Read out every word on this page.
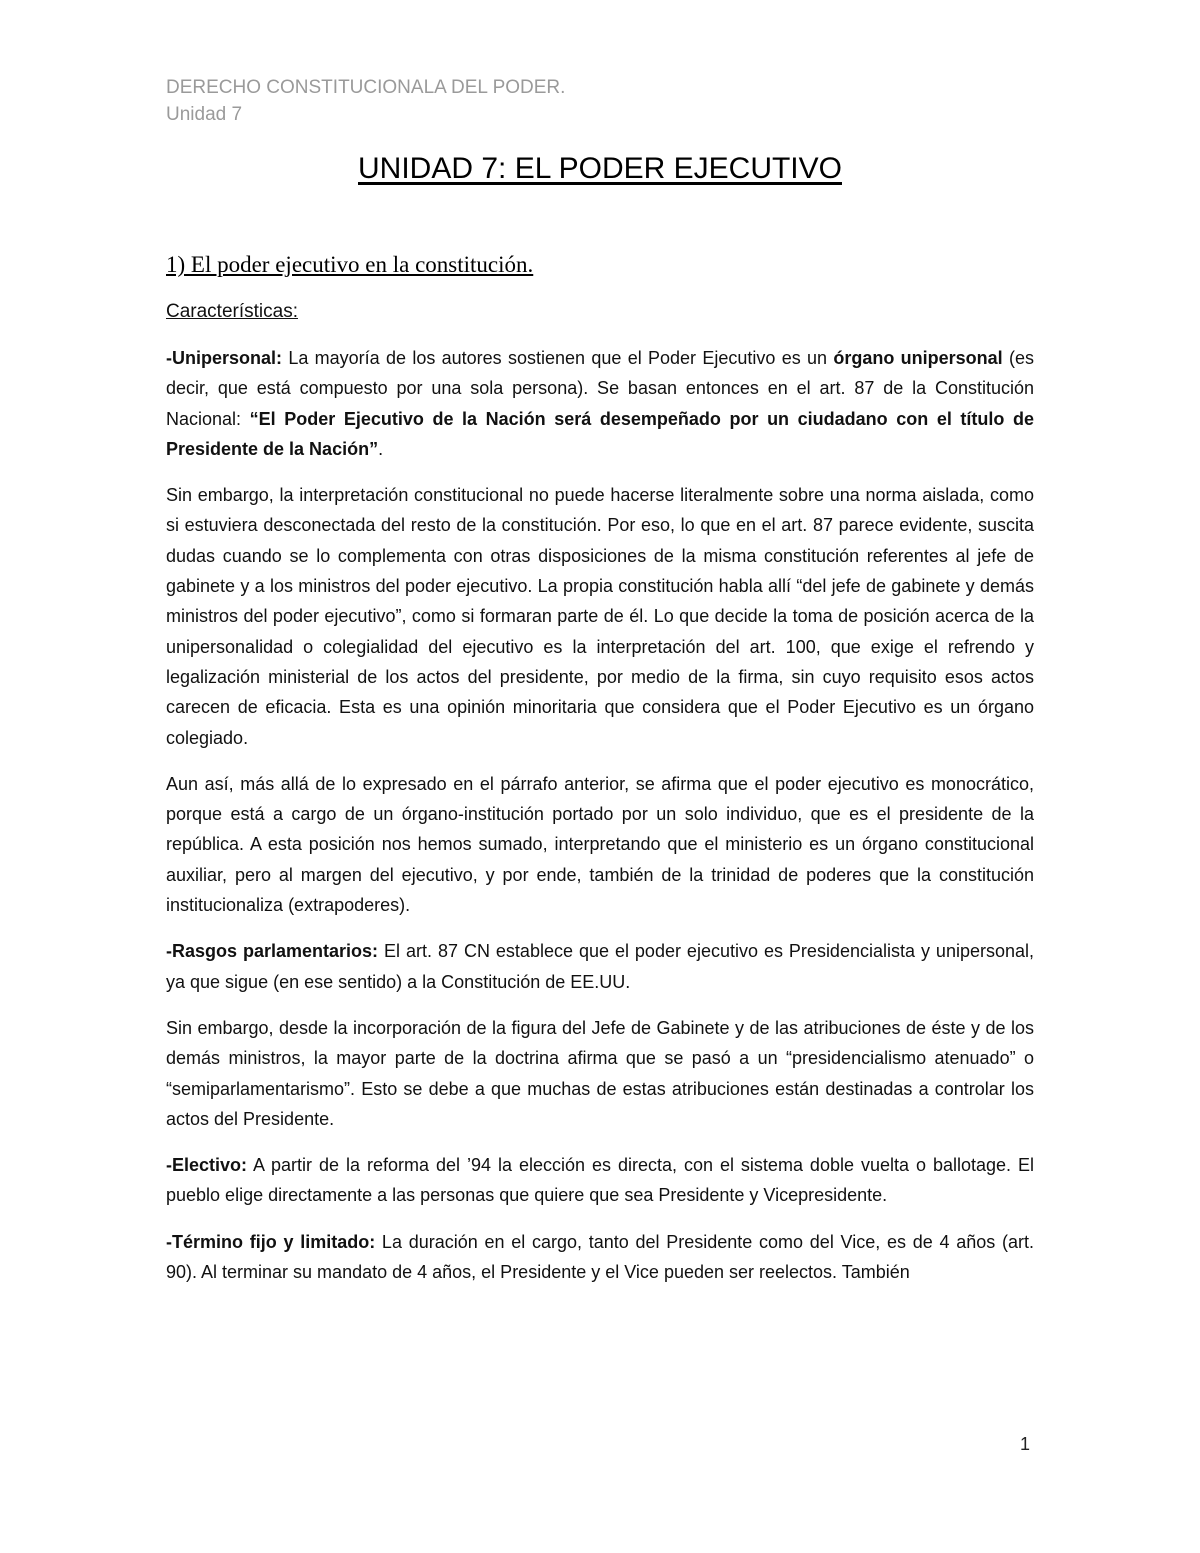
DERECHO CONSTITUCIONALA DEL PODER.
Unidad 7
UNIDAD 7: EL PODER EJECUTIVO
1) El poder ejecutivo en la constitución.
Características:

-Unipersonal: La mayoría de los autores sostienen que el Poder Ejecutivo es un órgano unipersonal (es decir, que está compuesto por una sola persona). Se basan entonces en el art. 87 de la Constitución Nacional: “El Poder Ejecutivo de la Nación será desempeñado por un ciudadano con el título de Presidente de la Nación”.

Sin embargo, la interpretación constitucional no puede hacerse literalmente sobre una norma aislada, como si estuviera desconectada del resto de la constitución. Por eso, lo que en el art. 87 parece evidente, suscita dudas cuando se lo complementa con otras disposiciones de la misma constitución referentes al jefe de gabinete y a los ministros del poder ejecutivo. La propia constitución habla allí “del jefe de gabinete y demás ministros del poder ejecutivo”, como si formaran parte de él. Lo que decide la toma de posición acerca de la unipersonalidad o colegialidad del ejecutivo es la interpretación del art. 100, que exige el refrendo y legalización ministerial de los actos del presidente, por medio de la firma, sin cuyo requisito esos actos carecen de eficacia. Esta es una opinión minoritaria que considera que el Poder Ejecutivo es un órgano colegiado.

Aun así, más allá de lo expresado en el párrafo anterior, se afirma que el poder ejecutivo es monocrático, porque está a cargo de un órgano-institución portado por un solo individuo, que es el presidente de la república. A esta posición nos hemos sumado, interpretando que el ministerio es un órgano constitucional auxiliar, pero al margen del ejecutivo, y por ende, también de la trinidad de poderes que la constitución institucionaliza (extrapoderes).

-Rasgos parlamentarios: El art. 87 CN establece que el poder ejecutivo es Presidencialista y unipersonal, ya que sigue (en ese sentido) a la Constitución de EE.UU.

Sin embargo, desde la incorporación de la figura del Jefe de Gabinete y de las atribuciones de éste y de los demás ministros, la mayor parte de la doctrina afirma que se pasó a un “presidencialismo atenuado” o “semiparlamentarismo”. Esto se debe a que muchas de estas atribuciones están destinadas a controlar los actos del Presidente.

-Electivo: A partir de la reforma del ’94 la elección es directa, con el sistema doble vuelta o ballotage. El pueblo elige directamente a las personas que quiere que sea Presidente y Vicepresidente.

-Término fijo y limitado: La duración en el cargo, tanto del Presidente como del Vice, es de 4 años (art. 90). Al terminar su mandato de 4 años, el Presidente y el Vice pueden ser reelectos. También

1
